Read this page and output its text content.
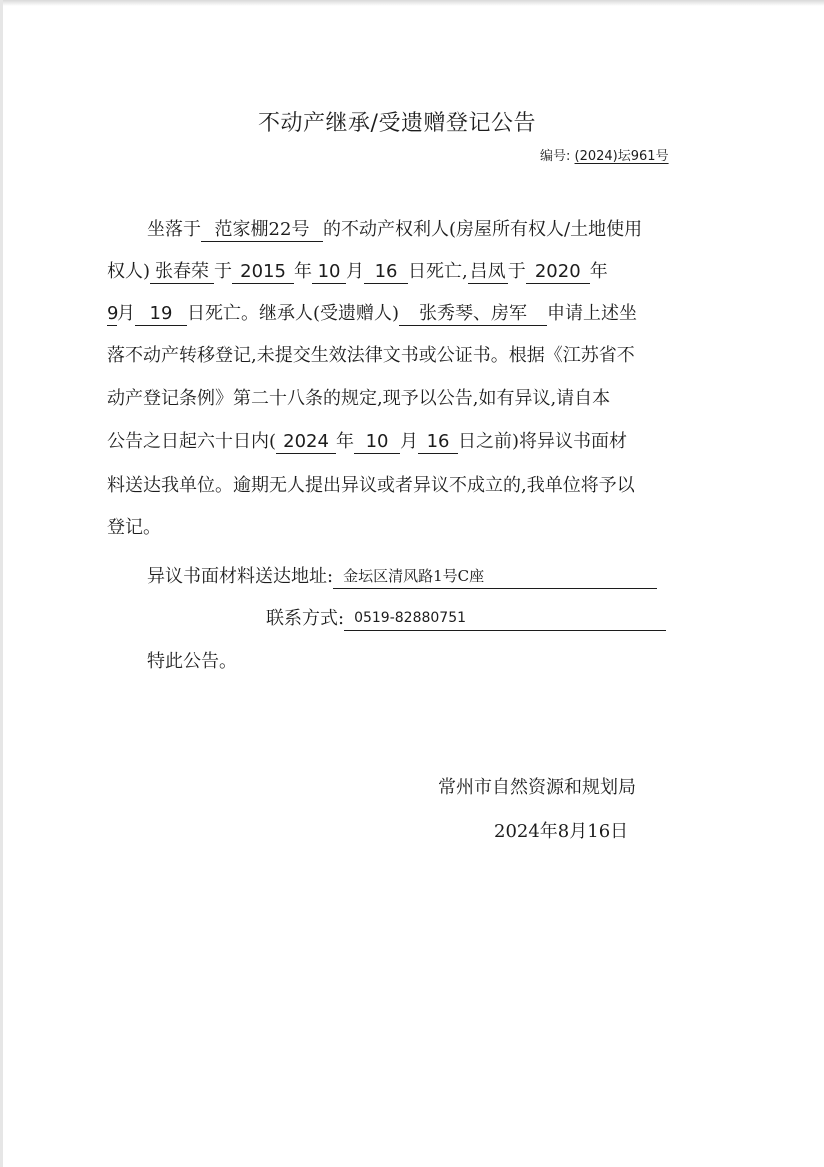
不动产继承/受遗赠登记公告
编号: (2024)坛961号
坐落于 范家棚22号 的不动产权利人(房屋所有权人/土地使用
权人) 张春荣 于 2015 年 10 月 16 日死亡, 吕凤 于 2020 年
9月 19 日死亡。继承人(受遗赠人) 张秀琴、房军 申请上述坐
落不动产转移登记,未提交生效法律文书或公证书。根据《江苏省不
动产登记条例》第二十八条的规定,现予以公告,如有异议,请自本
公告之日起六十日内( 2024 年 10 月 16 日之前)将异议书面材
料送达我单位。逾期无人提出异议或者异议不成立的,我单位将予以
登记。
异议书面材料送达地址: 金坛区清风路1号C座
联系方式: 0519-82880751
特此公告。
常州市自然资源和规划局
2024年8月16日
